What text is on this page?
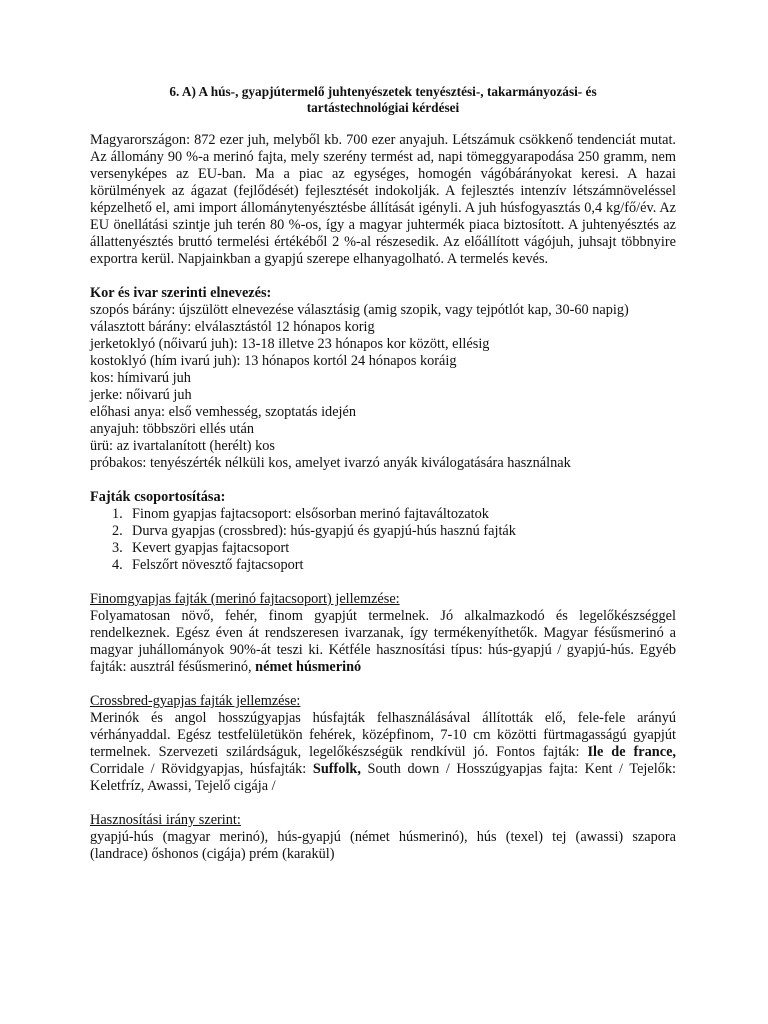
6. A) A hús-, gyapjútermelő juhtenyészetek tenyésztési-, takarmányozási- és
tartástechnológiai kérdései

Magyarországon: 872 ezer juh, melyből kb. 700 ezer anyajuh. Létszámuk csökkenő tendenciát mutat. Az állomány 90 %-a merinó fajta, mely szerény termést ad, napi tömeggyarapodása 250 gramm, nem versenyképes az EU-ban. Ma a piac az egységes, homogén vágóbárányokat keresi. A hazai körülmények az ágazat (fejlődését) fejlesztését indokolják. A fejlesztés intenzív létszámnöveléssel képzelhető el, ami import állománytenyésztésbe állítását igényli. A juh húsfogyasztás 0,4 kg/fő/év. Az EU önellátási szintje juh terén 80 %-os, így a magyar juhtermék piaca biztosított. A juhtenyésztés az állattenyésztés bruttó termelési értékéből 2 %-al részesedik. Az előállított vágójuh, juhsajt többnyire exportra kerül. Napjainkban a gyapjú szerepe elhanyagolható. A termelés kevés.

Kor és ivar szerinti elnevezés:
szopós bárány: újszülött elnevezése választásig (amig szopik, vagy tejpótlót kap, 30-60 napig)
választott bárány: elválasztástól 12 hónapos korig
jerketoklyó (nőivarú juh): 13-18 illetve 23 hónapos kor között, ellésig
kostoklyó (hím ivarú juh): 13 hónapos kortól 24 hónapos koráig
kos: hímivarú juh
jerke: nőivarú juh
előhasi anya: első vemhesség, szoptatás idején
anyajuh: többszöri ellés után
ürü: az ivartalanított (herélt) kos
próbakos: tenyészérték nélküli kos, amelyet ivarzó anyák kiválogatására használnak
Fajták csoportosítása:
1. Finom gyapjas fajtacsoport: elsősorban merinó fajtaváltozatok
2. Durva gyapjas (crossbred): hús-gyapjú és gyapjú-hús hasznú fajták
3. Kevert gyapjas fajtacsoport
4. Felszőrt növesztő fajtacsoport
Finomgyapjas fajták (merinó fajtacsoport) jellemzése:

Folyamatosan növő, fehér, finom gyapjút termelnek. Jó alkalmazkodó és legelőkészséggel rendelkeznek. Egész éven át rendszeresen ivarzanak, így termékenyíthetők. Magyar fésűsmerinó a magyar juhállományok 90%-át teszi ki. Kétféle hasznosítási típus: hús-gyapjú / gyapjú-hús. Egyéb fajták: ausztrál fésűsmerinó, német húsmerinó

Crossbred-gyapjas fajták jellemzése:

Merinók és angol hosszúgyapjas húsfajták felhasználásával állították elő, fele-fele arányú vérhányaddal. Egész testfelületükön fehérek, középfinom, 7-10 cm közötti fürtmagasságú gyapjút termelnek. Szervezeti szilárdságuk, legelőkészségük rendkívül jó. Fontos fajták: Ile de france, Corridale / Rövidgyapjas, húsfajták: Suffolk, South down / Hosszúgyapjas fajta: Kent / Tejelők: Keletfríz, Awassi, Tejelő cigája /

Hasznosítási irány szerint:

gyapjú-hús (magyar merinó), hús-gyapjú (német húsmerinó), hús (texel) tej (awassi) szapora (landrace) őshonos (cigája) prém (karakül)
